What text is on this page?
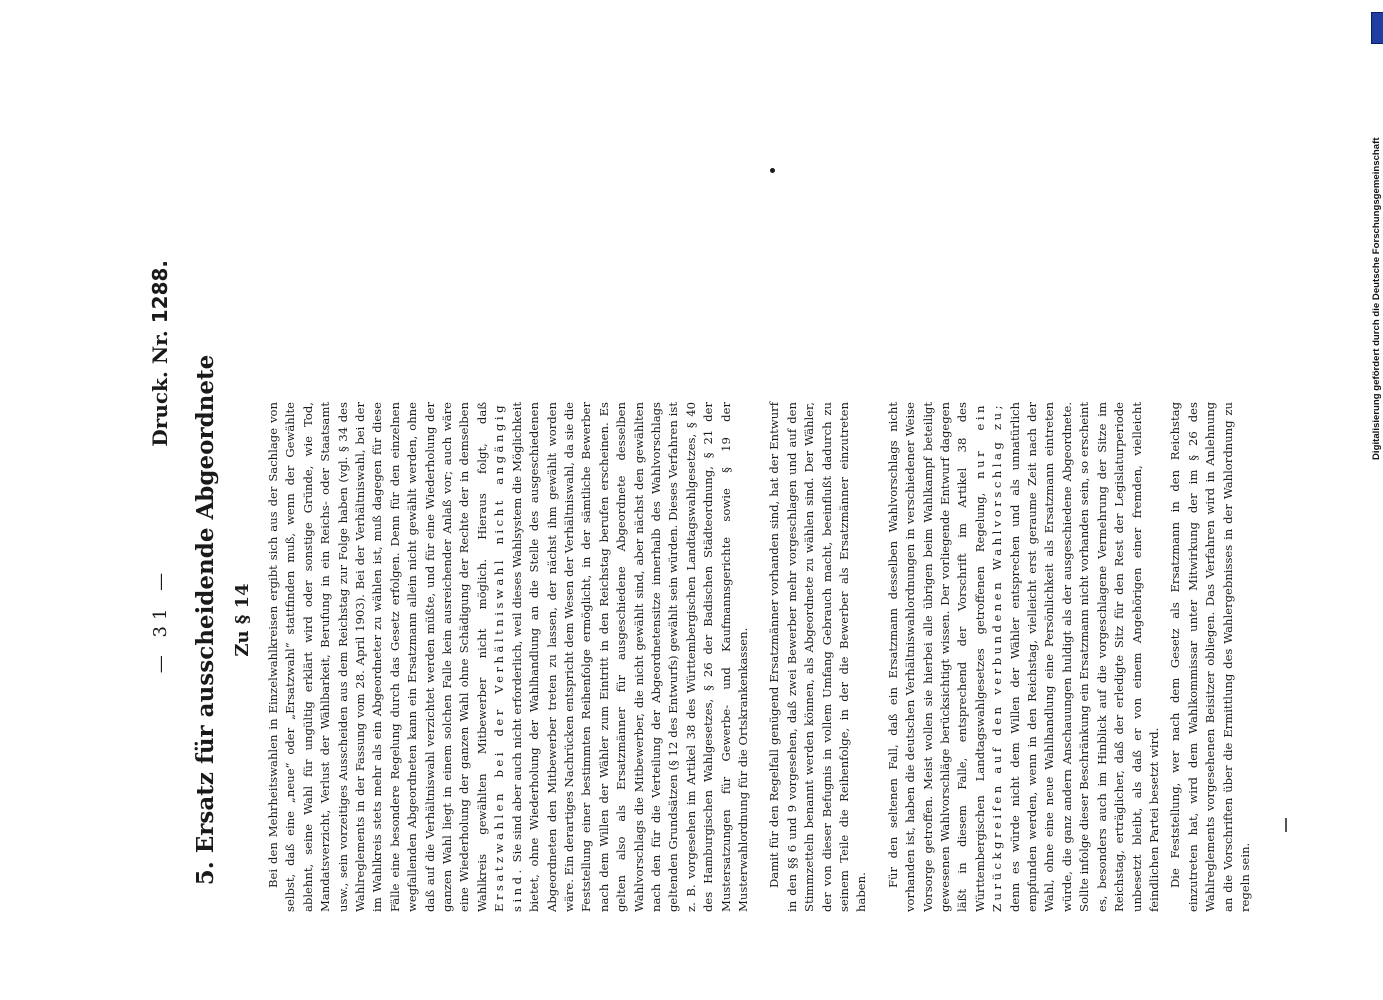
— 31 —
Druck. Nr. 1288.
5. Ersatz für ausscheidende Abgeordnete Zu § 14 Bei den Mehrheitswahlen in Einzelwahlkreisen ergibt sich aus der Sachlage von selbst, daß eine „neue“ oder „Ersatzwahl“ stattfinden muß, wenn der Gewählte ablehnt, seine Wahl für ungültig erklärt wird oder sonstige Gründe, wie Tod, Mandatsverzicht, Verlust der Wählbarkeit, Berufung in ein Reichs- oder Staatsamt usw., sein vorzeitiges Ausscheiden aus dem Reichstag zur Folge haben (vgl. § 34 des Wahlreglements in der Fassung vom 28. April 1903). Bei der Verhältniswahl, bei der im Wahlkreis stets mehr als ein Abgeordneter zu wählen ist, muß dagegen für diese Fälle eine besondere Regelung durch das Gesetz erfolgen. Denn für den einzelnen wegfallenden Abgeordneten kann ein Ersatzmann allein nicht gewählt werden, ohne daß auf die Verhältniswahl verzichtet werden müßte, und für eine Wiederholung der ganzen Wahl liegt in einem solchen Falle kein ausreichender Anlaß vor; auch wäre eine Wiederholung der ganzen Wahl ohne Schädigung der Rechte der in demselben Wahlkreis gewählten Mitbewerber nicht möglich. Hieraus folgt, daß Ersatzwahlen bei der Verhältniswahl nicht angängig sind. Sie sind aber auch nicht erforderlich, weil dieses Wahlsystem die Möglichkeit bietet, ohne Wiederholung der Wahlhandlung an die Stelle des ausgeschiedenen Abgeordneten den Mitbewerber treten zu lassen, der nächst ihm gewählt worden wäre. Ein derartiges Nachrücken entspricht dem Wesen der Verhältniswahl, da sie die Feststellung einer bestimmten Reihenfolge ermöglicht, in der sämtliche Bewerber nach dem Willen der Wähler zum Eintritt in den Reichstag berufen erscheinen. Es gelten also als Ersatzmänner für ausgeschiedene Abgeordnete desselben Wahlvorschlags die Mitbewerber, die nicht gewählt sind, aber nächst den gewählten nach den für die Verteilung der Abgeordnetensitze innerhalb des Wahlvorschlags geltenden Grundsätzen (§ 12 des Entwurfs) gewählt sein würden. Dieses Verfahren ist z. B. vorgesehen im Artikel 38 des Württembergischen Landtagswahlgesetzes, § 40 des Hamburgischen Wahlgesetzes, § 26 der Badischen Städteordnung, § 21 der Mustersatzungen für Gewerbe- und Kaufmannsgerichte sowie § 19 der Musterwahlordnung für die Ortskrankenkassen. Damit für den Regelfall genügend Ersatzmänner vorhanden sind, hat der Entwurf in den §§ 6 und 9 vorgesehen, daß zwei Bewerber mehr vorgeschlagen und auf den Stimmzetteln benannt werden können, als Abgeordnete zu wählen sind. Der Wähler, der von dieser Befugnis in vollem Umfang Gebrauch macht, beeinflußt dadurch zu seinem Teile die Reihenfolge, in der die Bewerber als Ersatzmänner einzutreten haben.

Für den seltenen Fall, daß ein Ersatzmann desselben Wahlvorschlags nicht vorhanden ist, haben die deutschen Verhältniswahlordnungen in verschiedener Weise Vorsorge getroffen. Meist wollen sie hierbei alle übrigen beim Wahlkampf beteiligt gewesenen Wahlvorschläge berücksichtigt wissen. Der vorliegende Entwurf dagegen läßt in diesem Falle, entsprechend der Vorschrift im Artikel 38 des Württembergischen Landtagswahlgesetzes getroffenen Regelung, nur ein Zurückgreifen auf den verbundenen Wahlvorschlag zu; denn es würde nicht dem Willen der Wähler entsprechen und als unnatürlich empfunden werden, wenn in den Reichstag, vielleicht erst geraume Zeit nach der Wahl, ohne eine neue Wahlhandlung eine Persönlichkeit als Ersatzmann eintreten würde, die ganz andern Anschauungen huldigt als der ausgeschiedene Abgeordnete. Sollte infolge dieser Beschränkung ein Ersatzmann nicht vorhanden sein, so erscheint es, besonders auch im Hinblick auf die vorgeschlagene Vermehrung der Sitze im Reichstag, erträglicher, daß der erledigte Sitz für den Rest der Legislaturperiode unbesetzt bleibt, als daß er von einem Angehörigen einer fremden, vielleicht feindlichen Partei besetzt wird. Die Feststellung, wer nach dem Gesetz als Ersatzmann in den Reichstag einzutreten hat, wird dem Wahlkommissar unter Mitwirkung der im § 26 des Wahlreglements vorgesehenen Beisitzer obliegen. Das Verfahren wird in Anlehnung an die Vorschriften über die Ermittlung des Wahlergebnisses in der Wahlordnung zu regeln sein.

Digitalisierung gefördert durch die Deutsche Forschungsgemeinschaft
